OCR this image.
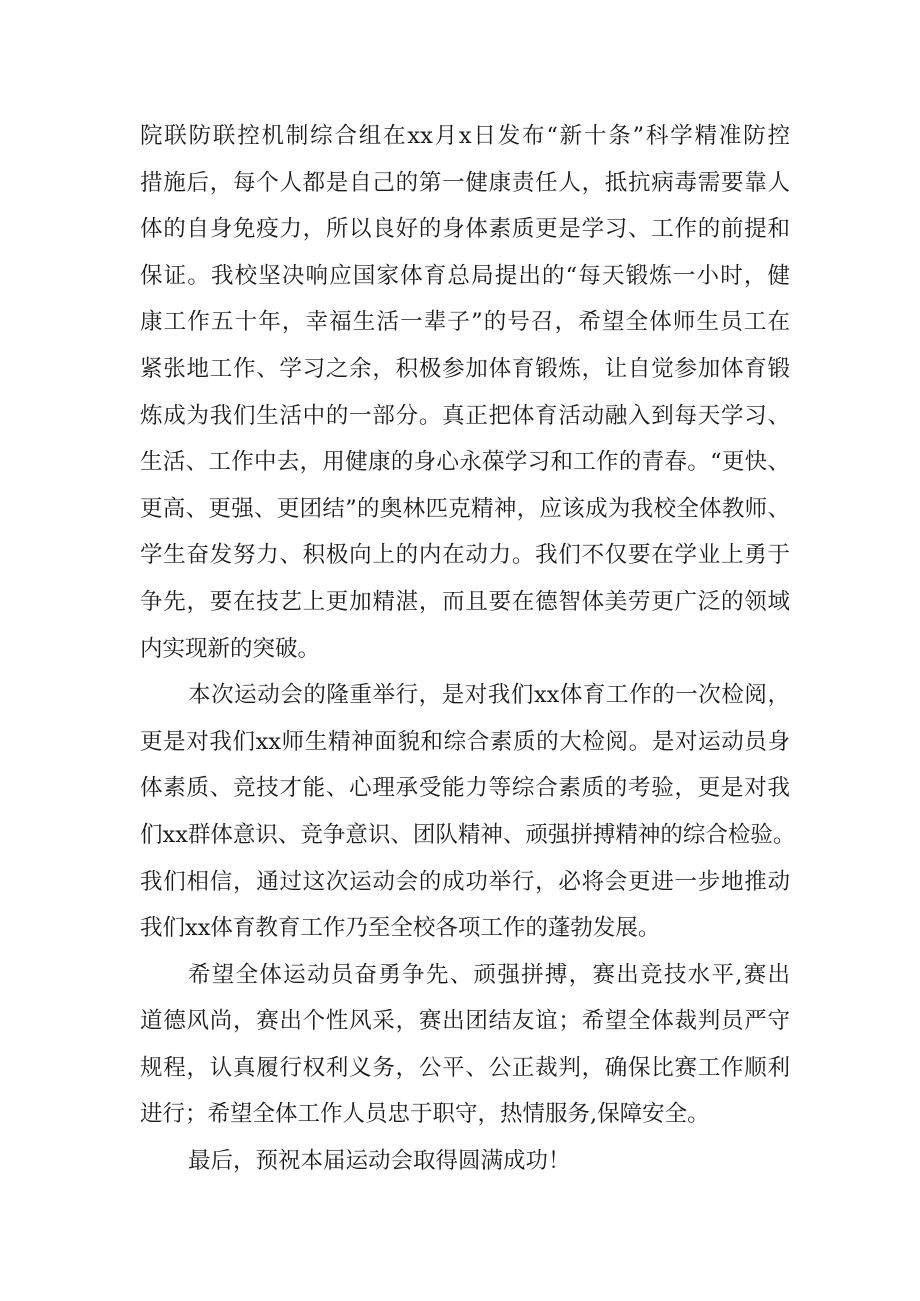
院联防联控机制综合组在xx月x日发布“新十条”科学精准防控
措施后，每个人都是自己的第一健康责任人，抵抗病毒需要靠人
体的自身免疫力，所以良好的身体素质更是学习、工作的前提和
保证。我校坚决响应国家体育总局提出的“每天锻炼一小时，健
康工作五十年，幸福生活一辈子”的号召，希望全体师生员工在
紧张地工作、学习之余，积极参加体育锻炼，让自觉参加体育锻
炼成为我们生活中的一部分。真正把体育活动融入到每天学习、
生活、工作中去，用健康的身心永葆学习和工作的青春。“更快、
更高、更强、更团结”的奥林匹克精神，应该成为我校全体教师、
学生奋发努力、积极向上的内在动力。我们不仅要在学业上勇于
争先，要在技艺上更加精湛，而且要在德智体美劳更广泛的领域
内实现新的突破。
本次运动会的隆重举行，是对我们xx体育工作的一次检阅，
更是对我们xx师生精神面貌和综合素质的大检阅。是对运动员身
体素质、竞技才能、心理承受能力等综合素质的考验，更是对我
们xx群体意识、竞争意识、团队精神、顽强拼搏精神的综合检验。
我们相信，通过这次运动会的成功举行，必将会更进一步地推动
我们xx体育教育工作乃至全校各项工作的蓬勃发展。
希望全体运动员奋勇争先、顽强拼搏，赛出竞技水平,赛出
道德风尚，赛出个性风采，赛出团结友谊；希望全体裁判员严守
规程，认真履行权利义务，公平、公正裁判，确保比赛工作顺利
进行；希望全体工作人员忠于职守，热情服务,保障安全。
最后，预祝本届运动会取得圆满成功！
